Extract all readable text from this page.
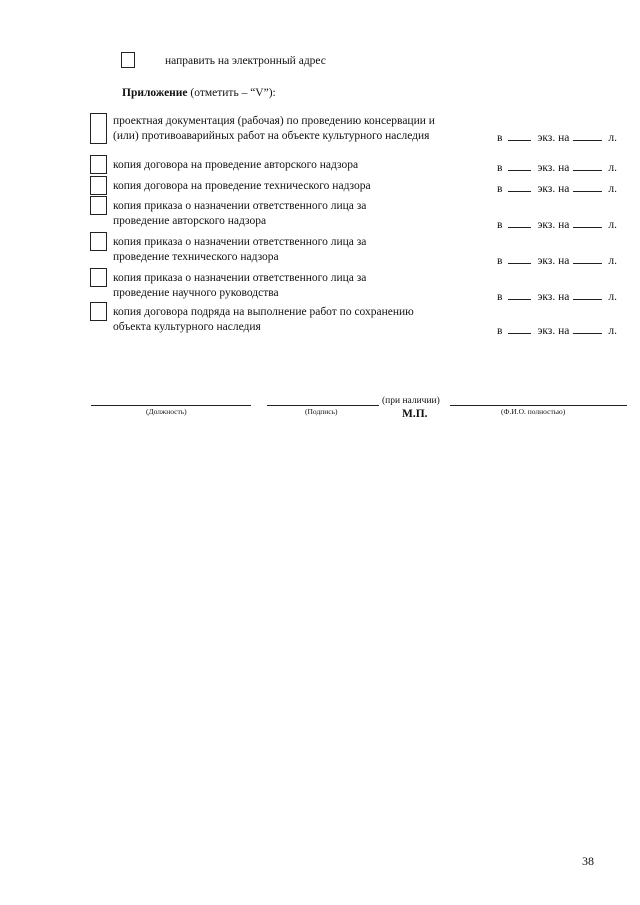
направить на электронный адрес
Приложение (отметить – “V”):
проектная документация (рабочая) по проведению консервации и
(или) противоаварийных работ на объекте культурного наследия	в	экз. на	л.
копия договора на проведение авторского надзора	в	экз. на	л.
копия договора на проведение технического надзора	в	экз. на	л.
копия приказа о назначении ответственного лица за
проведение авторского надзора	в	экз. на	л.
копия приказа о назначении ответственного лица за
проведение технического надзора	в	экз. на	л.
копия приказа о назначении ответственного лица за
проведение научного руководства	в	экз. на	л.
копия договора подряда на выполнение работ по сохранению
объекта культурного наследия	в	экз. на	л.
(Должность)	(Подпись)
(при наличии)
М.П.	(Ф.И.О. полностью)
38
